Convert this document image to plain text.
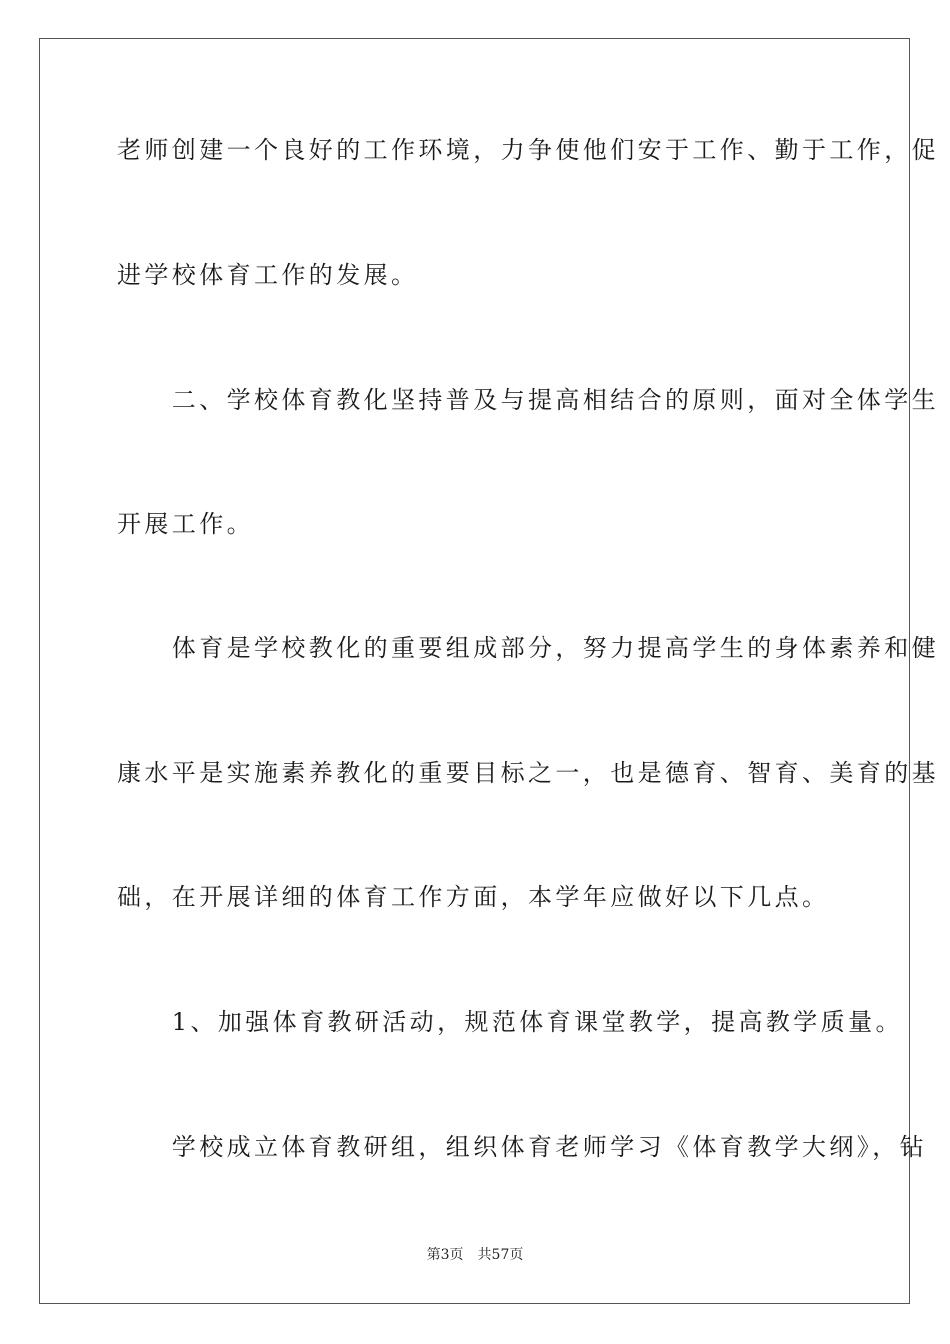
老师创建一个良好的工作环境，力争使他们安于工作、勤于工作，促
进学校体育工作的发展。
　　二、学校体育教化坚持普及与提高相结合的原则，面对全体学生
开展工作。
　　体育是学校教化的重要组成部分，努力提高学生的身体素养和健
康水平是实施素养教化的重要目标之一，也是德育、智育、美育的基
础，在开展详细的体育工作方面，本学年应做好以下几点。
　　1、加强体育教研活动，规范体育课堂教学，提高教学质量。
　　学校成立体育教研组，组织体育老师学习《体育教学大纲》，钻
第3页 共57页
